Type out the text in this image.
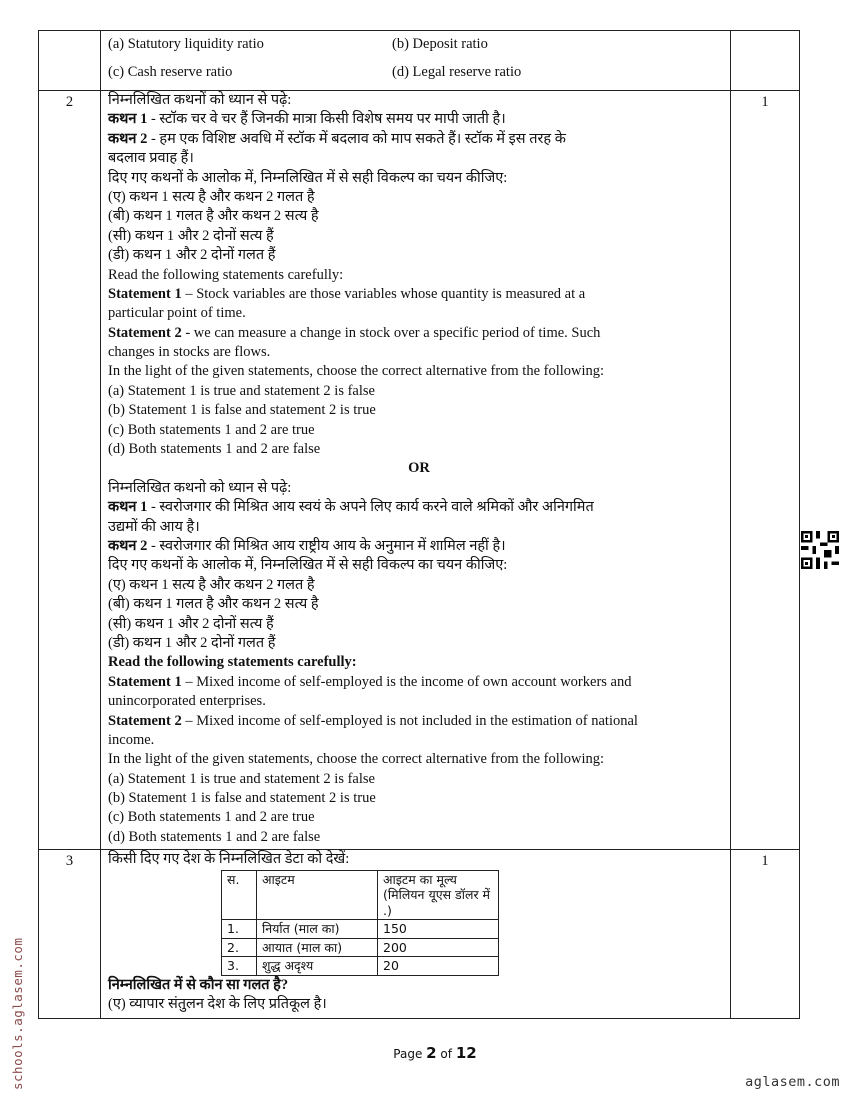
(a) Statutory liquidity ratio	(b) Deposit ratio
(c) Cash reserve ratio	(d) Legal reserve ratio
2	निम्नलिखित कथनों को ध्यान से पढ़े:
कथन 1 - स्टॉक चर वे चर हैं जिनकी मात्रा किसी विशेष समय पर मापी जाती है।
कथन 2 - हम एक विशिष्ट अवधि में स्टॉक में बदलाव को माप सकते हैं। स्टॉक में इस तरह के
बदलाव प्रवाह हैं।
दिए गए कथनों के आलोक में, निम्नलिखित में से सही विकल्प का चयन कीजिए:
(ए) कथन 1 सत्य है और कथन 2 गलत है
(बी) कथन 1 गलत है और कथन 2 सत्य है
(सी) कथन 1 और 2 दोनों सत्य हैं
(डी) कथन 1 और 2 दोनों गलत हैं
Read the following statements carefully:
Statement 1 – Stock variables are those variables whose quantity is measured at a
particular point of time.
Statement 2 - we can measure a change in stock over a specific period of time. Such
changes in stocks are flows.
In the light of the given statements, choose the correct alternative from the following:
(a) Statement 1 is true and statement 2 is false
(b) Statement 1 is false and statement 2 is true
(c) Both statements 1 and 2 are true
(d) Both statements 1 and 2 are false
OR
निम्नलिखित कथनो को ध्यान से पढ़े:
कथन 1 - स्वरोजगार की मिश्रित आय स्वयं के अपने लिए कार्य करने वाले श्रमिकों और अनिगमित
उद्यमों की आय है।
कथन 2 - स्वरोजगार की मिश्रित आय राष्ट्रीय आय के अनुमान में शामिल नहीं है।
दिए गए कथनों के आलोक में, निम्नलिखित में से सही विकल्प का चयन कीजिए:
(ए) कथन 1 सत्य है और कथन 2 गलत है
(बी) कथन 1 गलत है और कथन 2 सत्य है
(सी) कथन 1 और 2 दोनों सत्य हैं
(डी) कथन 1 और 2 दोनों गलत हैं
Read the following statements carefully:
Statement 1 – Mixed income of self-employed is the income of own account workers and
unincorporated enterprises.
Statement 2 – Mixed income of self-employed is not included in the estimation of national
income.
In the light of the given statements, choose the correct alternative from the following:
(a) Statement 1 is true and statement 2 is false
(b) Statement 1 is false and statement 2 is true
(c) Both statements 1 and 2 are true
(d) Both statements 1 and 2 are false
1
3	किसी दिए गए देश के निम्नलिखित डेटा को देखें:
स.	आइटम	आइटम का मूल्य (मिलियन यूएस डॉलर में .)
1.	निर्यात (माल का)	150
2.	आयात (माल का)	200
3.	शुद्ध अदृश्य	20
निम्नलिखित में से कौन सा गलत है?
(ए) व्यापार संतुलन देश के लिए प्रतिकूल है।
1
schools.aglasem.com	Page 2 of 12
aglasem.com
